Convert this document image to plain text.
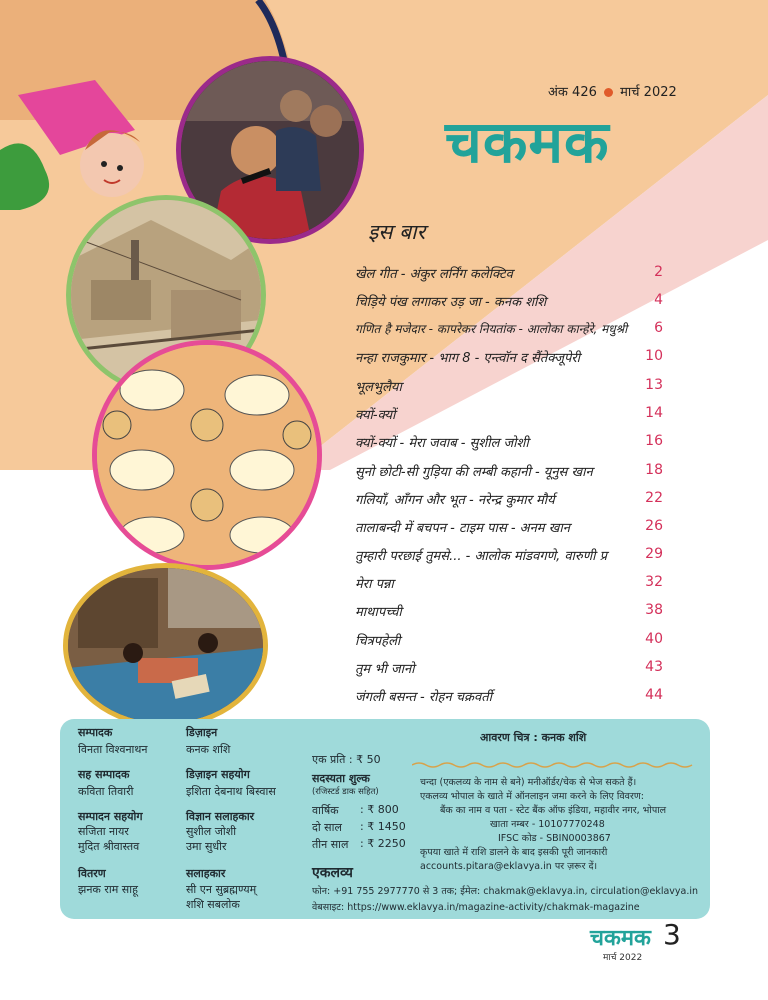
अंक 426 मार्च 2022
चकमक
इस बार
खेल गीत - अंकुर लर्निंग कलेक्टिव	2
चिड़िये पंख लगाकर उड़ जा - कनक शशि	4
गणित है मजेदार - कापरेकर नियतांक - आलोका कान्हेरे, मधुश्री 6
नन्हा राजकुमार - भाग 8 - एन्त्वॉन द सैंतेक्जूपेरी	10
भूलभुलैया	13
क्यों-क्यों	14
क्यों-क्यों - मेरा जवाब - सुशील जोशी	16
सुनो छोटी-सी गुड़िया की लम्बी कहानी - यूनुस खान	18
गलियाँ, आँगन और भूत - नरेन्द्र कुमार मौर्य	22
तालाबन्दी में बचपन - टाइम पास - अनम खान	26
तुम्हारी परछाई तुमसे... - आलोक मांडवगणे, वारुणी प्र	29
मेरा पन्ना	32
माथापच्ची	38
चित्रपहेली	40
तुम भी जानो	43
जंगली बसन्त - रोहन चक्रवर्ती	44
सम्पादक
विनता विश्वनाथन
सह सम्पादक
कविता तिवारी
सम्पादन सहयोग
सजिता नायर
मुदित श्रीवास्तव
वितरण
झनक राम साहू
डिज़ाइन
कनक शशि
डिज़ाइन सहयोग
इशिता देबनाथ बिस्वास
विज्ञान सलाहकार
सुशील जोशी
उमा सुधीर
सलाहकार
सी एन सुब्रह्मण्यम्
शशि सबलोक
एक प्रति : ₹ 50
सदस्यता शुल्क
(रजिस्टर्ड डाक सहित)
वार्षिक : ₹ 800
दो साल : ₹ 1450
तीन साल : ₹ 2250
आवरण चित्र : कनक शशि
चन्दा (एकलव्य के नाम से बने) मनीऑर्डर/चेक से भेज सकते हैं।
एकलव्य भोपाल के खाते में ऑनलाइन जमा करने के लिए विवरण:
बैंक का नाम व पता - स्टेट बैंक ऑफ इंडिया, महावीर नगर, भोपाल
खाता नम्बर - 10107770248
IFSC कोड - SBIN0003867
कृपया खाते में राशि डालने के बाद इसकी पूरी जानकारी
accounts.pitara@eklavya.in पर ज़रूर दें।
एकलव्य
फोन: +91 755 2977770 से 3 तक; ईमेल: chakmak@eklavya.in, circulation@eklavya.in
वेबसाइट: https://www.eklavya.in/magazine-activity/chakmak-magazine
चकमक 3
मार्च 2022
